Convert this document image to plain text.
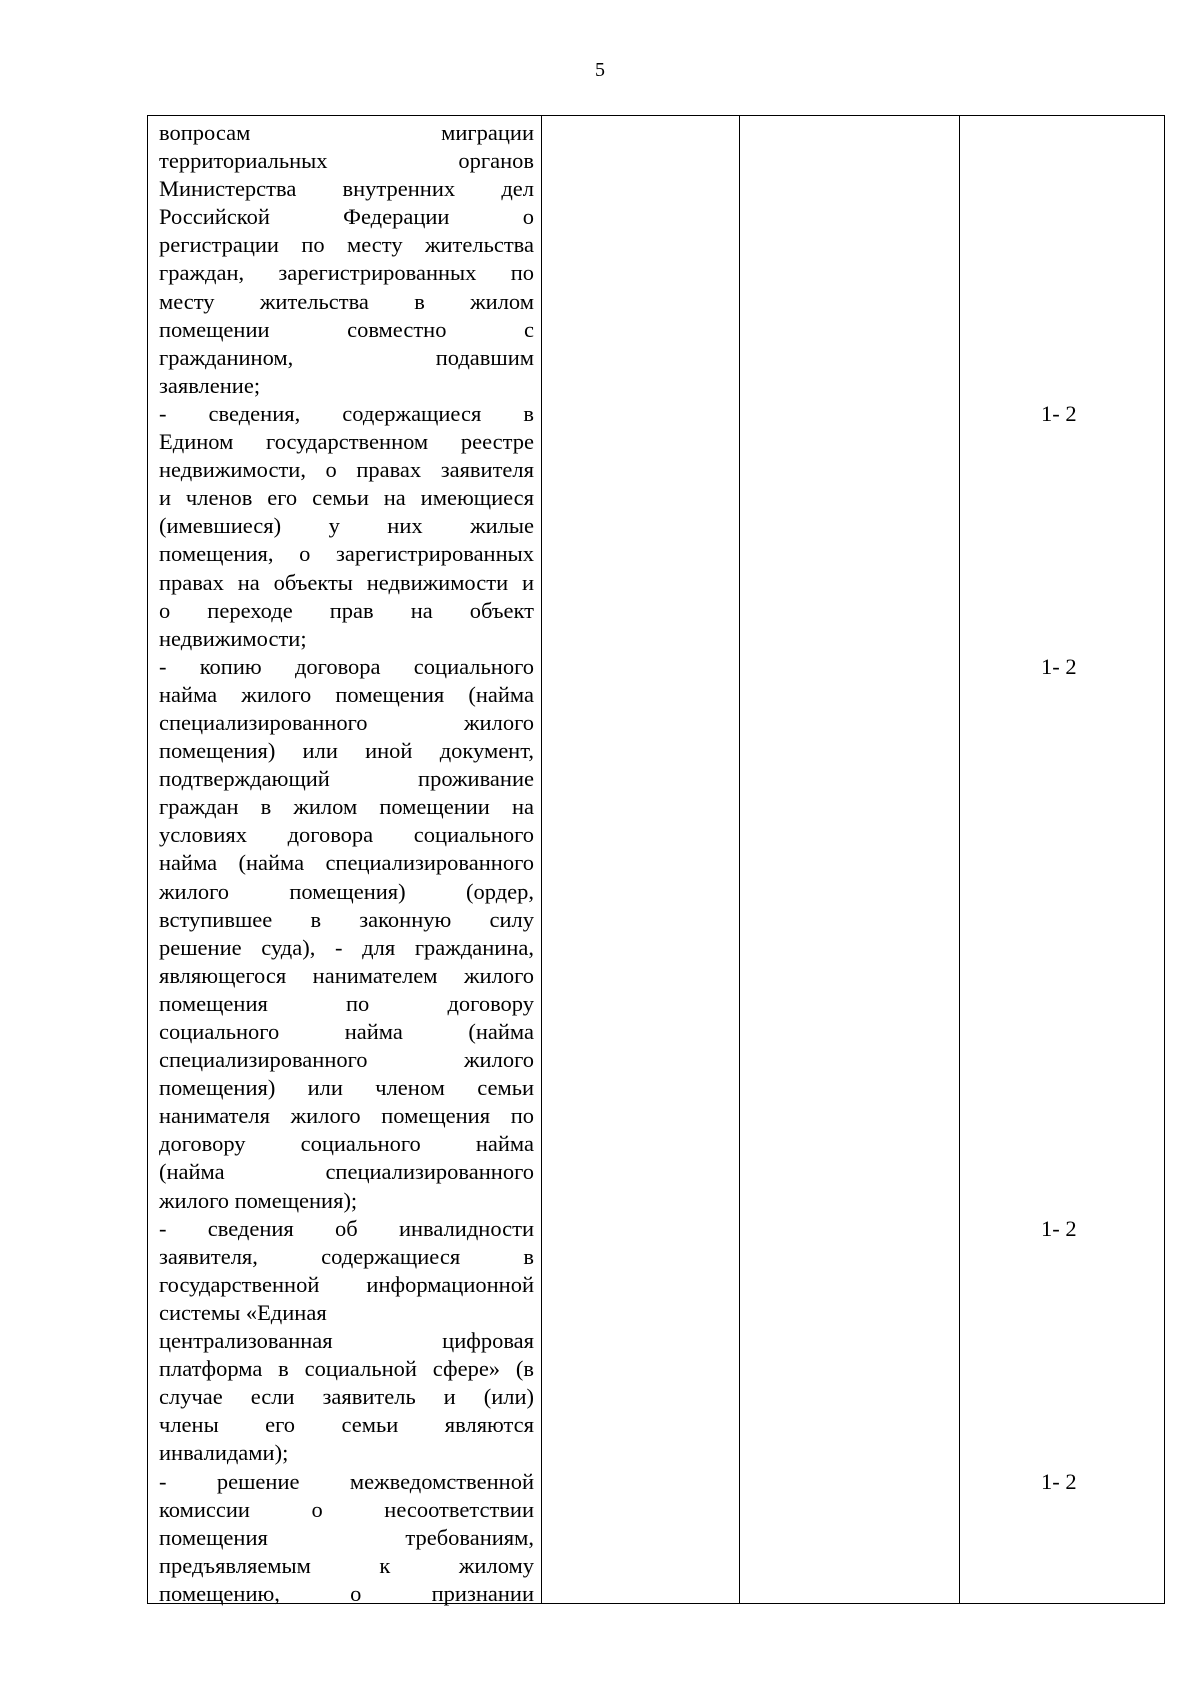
5
вопросам миграции
территориальных органов
Министерства внутренних дел
Российской Федерации о
регистрации по месту жительства
граждан, зарегистрированных по
месту жительства в жилом
помещении совместно с
гражданином, подавшим
заявление;
- сведения, содержащиеся в
Едином государственном реестре
недвижимости, о правах заявителя
и членов его семьи на имеющиеся
(имевшиеся) у них жилые
помещения, о зарегистрированных
правах на объекты недвижимости и
о переходе прав на объект
недвижимости;
- копию договора социального
найма жилого помещения (найма
специализированного жилого
помещения) или иной документ,
подтверждающий проживание
граждан в жилом помещении на
условиях договора социального
найма (найма специализированного
жилого помещения) (ордер,
вступившее в законную силу
решение суда), - для гражданина,
являющегося нанимателем жилого
помещения по договору
социального найма (найма
специализированного жилого
помещения) или членом семьи
нанимателя жилого помещения по
договору социального найма
(найма специализированного
жилого помещения);
- сведения об инвалидности
заявителя, содержащиеся в
государственной информационной
системы «Единая
централизованная цифровая
платформа в социальной сфере» (в
случае если заявитель и (или)
члены его семьи являются
инвалидами);
- решение межведомственной
комиссии о несоответствии
помещения требованиям,
предъявляемым к жилому
помещению, о признании
1- 2
1- 2
1- 2
1- 2
